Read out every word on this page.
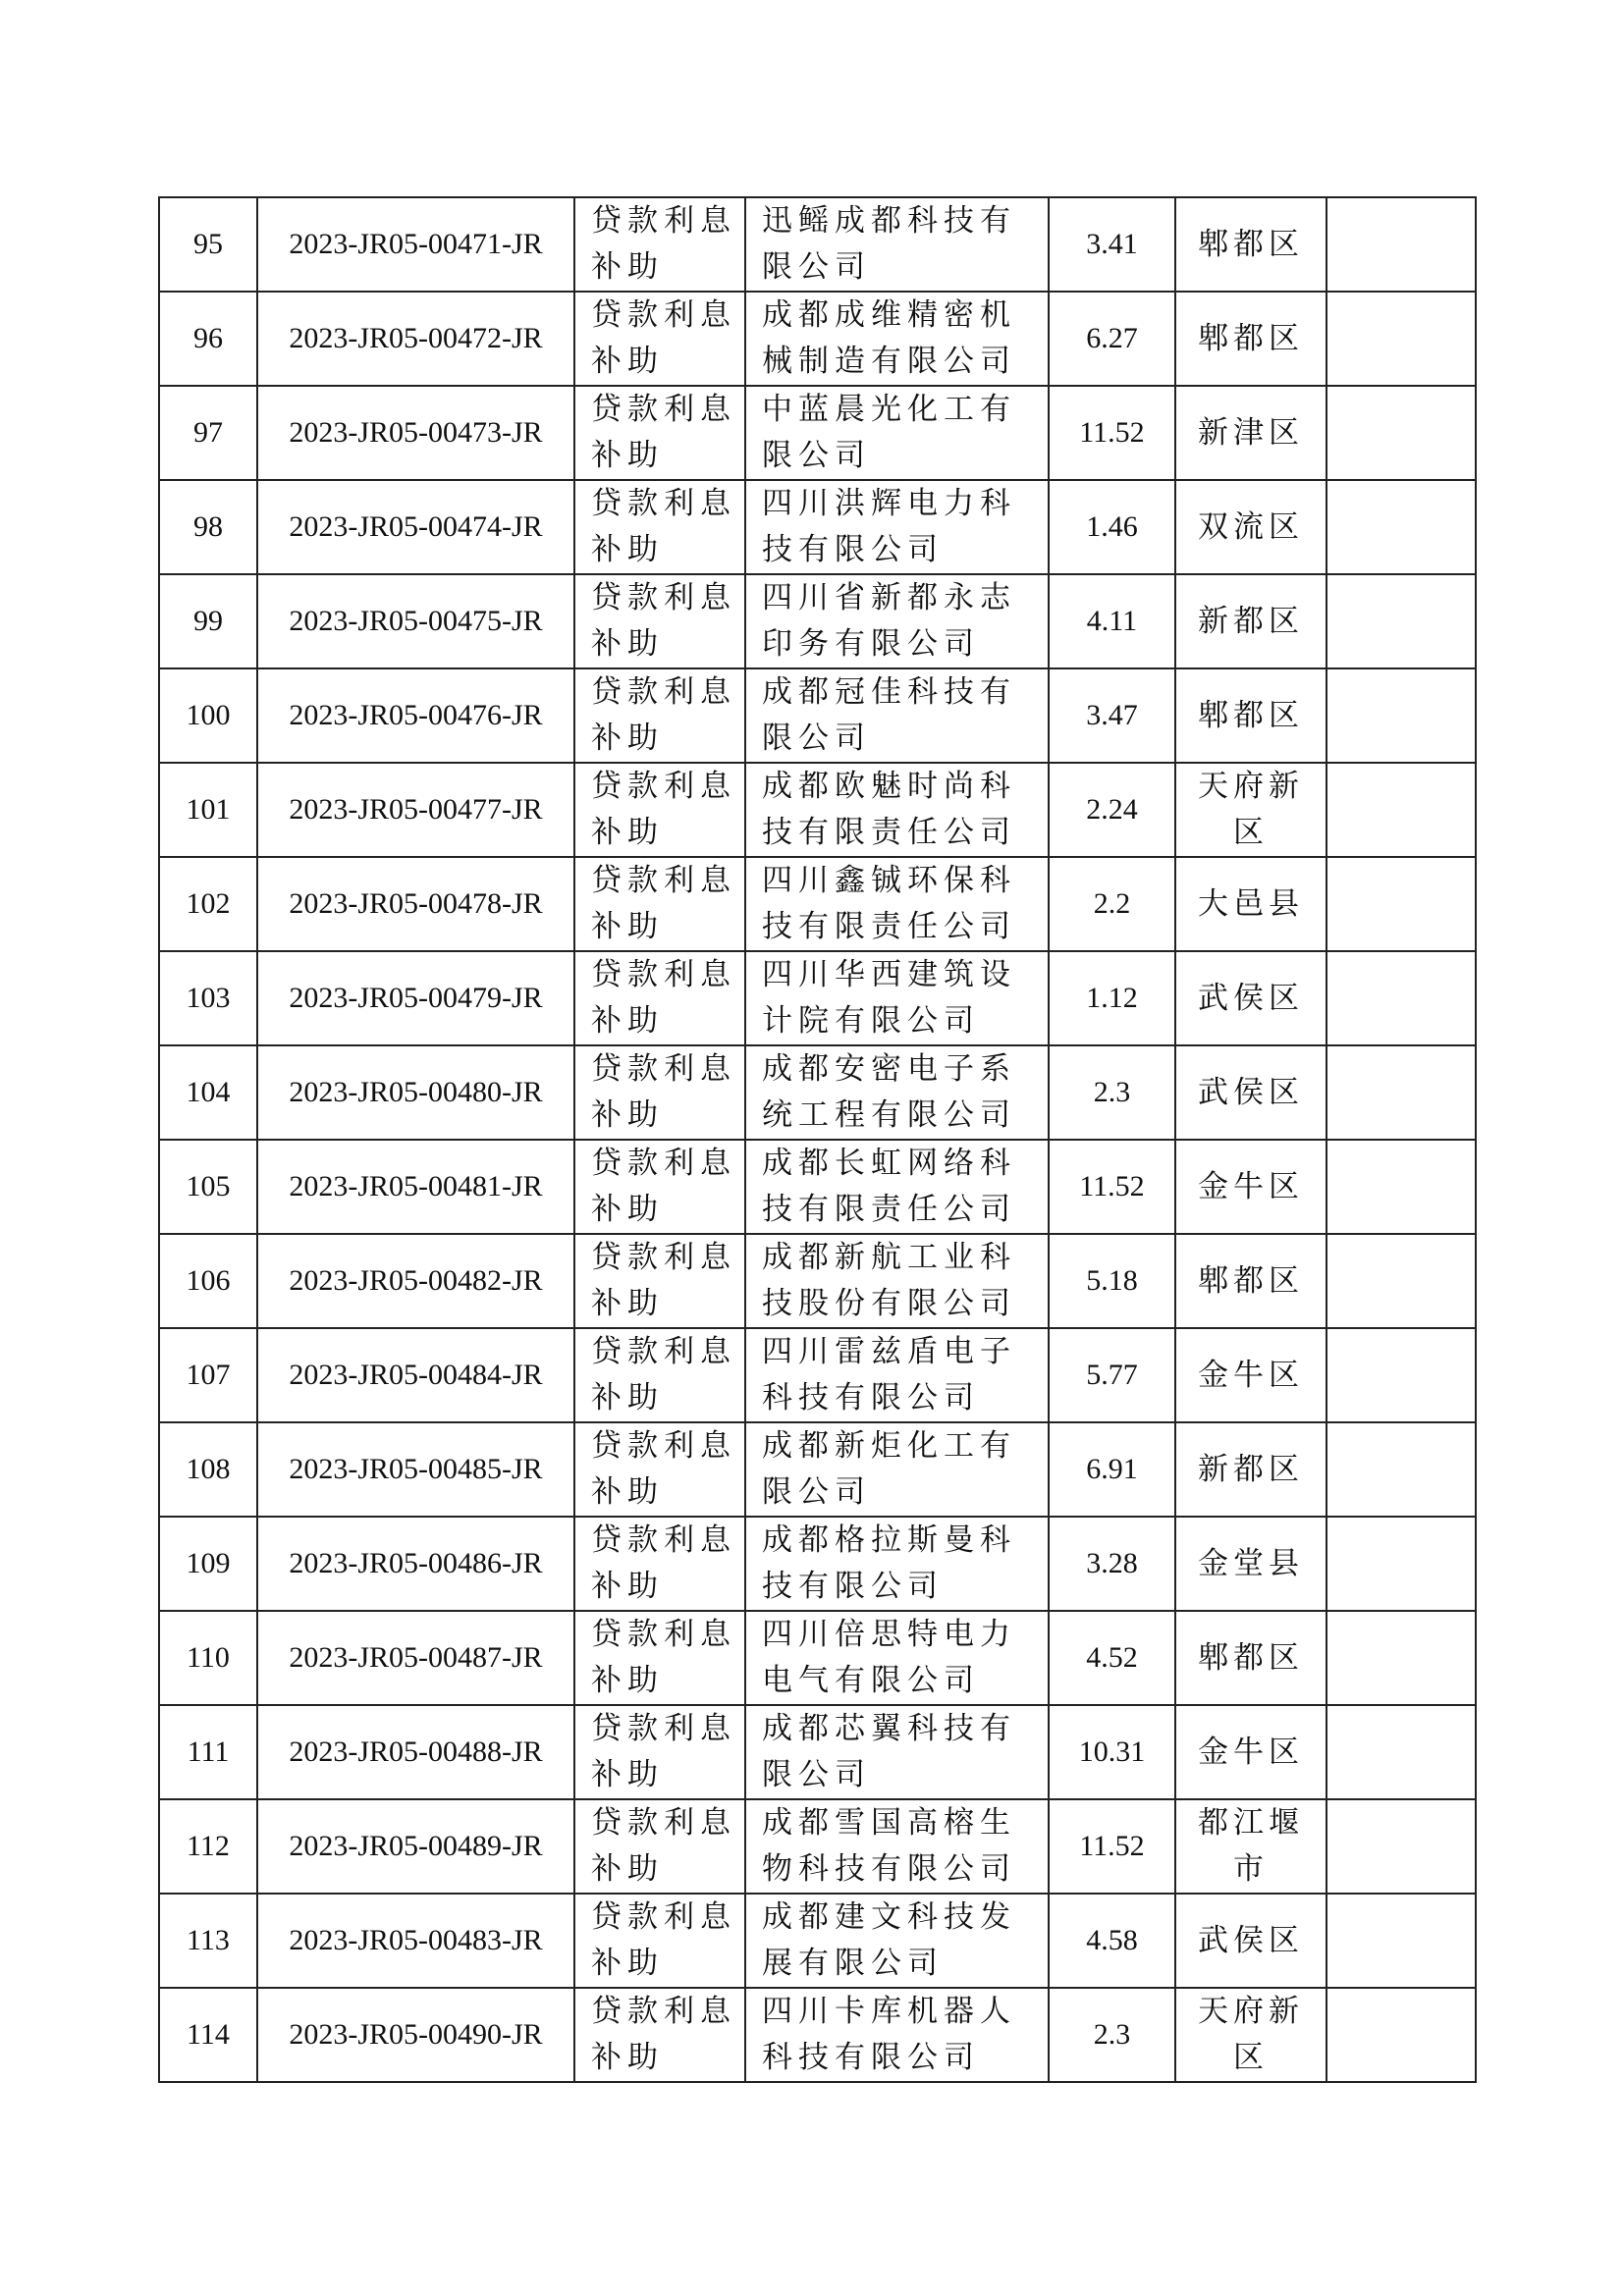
95	2023-JR05-00471-JR	贷款利息补助	迅鳐成都科技有限公司	3.41	郫都区	
96	2023-JR05-00472-JR	贷款利息补助	成都成维精密机械制造有限公司	6.27	郫都区	
97	2023-JR05-00473-JR	贷款利息补助	中蓝晨光化工有限公司	11.52	新津区	
98	2023-JR05-00474-JR	贷款利息补助	四川洪辉电力科技有限公司	1.46	双流区	
99	2023-JR05-00475-JR	贷款利息补助	四川省新都永志印务有限公司	4.11	新都区	
100	2023-JR05-00476-JR	贷款利息补助	成都冠佳科技有限公司	3.47	郫都区	
101	2023-JR05-00477-JR	贷款利息补助	成都欧魅时尚科技有限责任公司	2.24	天府新区	
102	2023-JR05-00478-JR	贷款利息补助	四川鑫铖环保科技有限责任公司	2.2	大邑县	
103	2023-JR05-00479-JR	贷款利息补助	四川华西建筑设计院有限公司	1.12	武侯区	
104	2023-JR05-00480-JR	贷款利息补助	成都安密电子系统工程有限公司	2.3	武侯区	
105	2023-JR05-00481-JR	贷款利息补助	成都长虹网络科技有限责任公司	11.52	金牛区	
106	2023-JR05-00482-JR	贷款利息补助	成都新航工业科技股份有限公司	5.18	郫都区	
107	2023-JR05-00484-JR	贷款利息补助	四川雷兹盾电子科技有限公司	5.77	金牛区	
108	2023-JR05-00485-JR	贷款利息补助	成都新炬化工有限公司	6.91	新都区	
109	2023-JR05-00486-JR	贷款利息补助	成都格拉斯曼科技有限公司	3.28	金堂县	
110	2023-JR05-00487-JR	贷款利息补助	四川倍思特电力电气有限公司	4.52	郫都区	
111	2023-JR05-00488-JR	贷款利息补助	成都芯翼科技有限公司	10.31	金牛区	
112	2023-JR05-00489-JR	贷款利息补助	成都雪国高榕生物科技有限公司	11.52	都江堰市	
113	2023-JR05-00483-JR	贷款利息补助	成都建文科技发展有限公司	4.58	武侯区	
114	2023-JR05-00490-JR	贷款利息补助	四川卡库机器人科技有限公司	2.3	天府新区	
